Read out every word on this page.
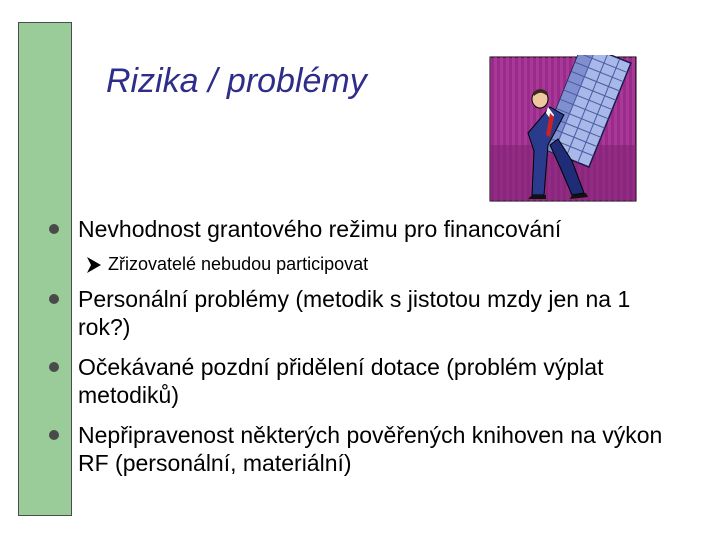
Rizika / problémy
Nevhodnost grantového režimu pro financování
Zřizovatelé nebudou participovat
Personální problémy (metodik s jistotou mzdy jen na 1 rok?)
Očekávané pozdní přidělení dotace (problém výplat metodiků)
Nepřipravenost některých pověřených knihoven na výkon RF (personální, materiální)
